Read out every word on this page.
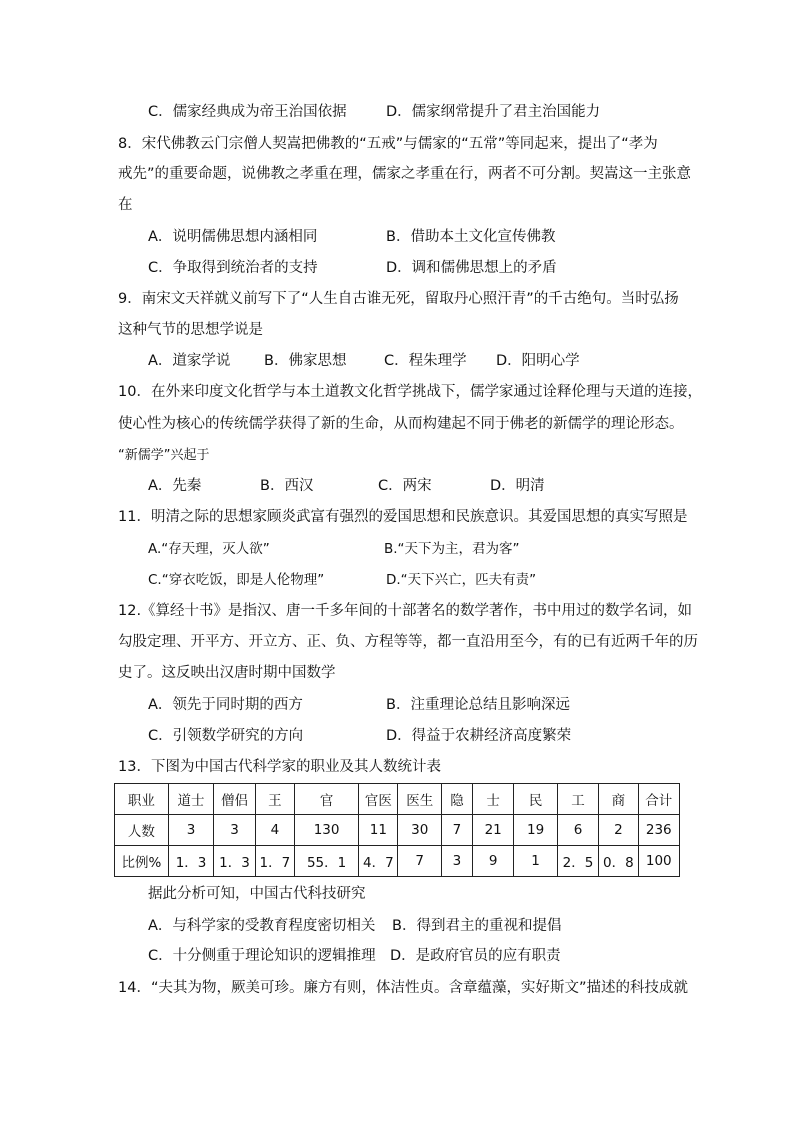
C．儒家经典成为帝王治国依据	D．儒家纲常提升了君主治国能力
8．宋代佛教云门宗僧人契嵩把佛教的“五戒”与儒家的“五常”等同起来，提出了“孝为
戒先”的重要命题，说佛教之孝重在理，儒家之孝重在行，两者不可分割。契嵩这一主张意
在
A．说明儒佛思想内涵相同	B．借助本土文化宣传佛教
C．争取得到统治者的支持	D．调和儒佛思想上的矛盾
9．南宋文天祥就义前写下了“人生自古谁无死，留取丹心照汗青”的千古绝句。当时弘扬
这种气节的思想学说是
A．道家学说 B．佛家思想	C．程朱理学 D．阳明心学
10．在外来印度文化哲学与本土道教文化哲学挑战下，儒学家通过诠释伦理与天道的连接，
使心性为核心的传统儒学获得了新的生命，从而构建起不同于佛老的新儒学的理论形态。
“新儒学”兴起于
A．先秦	B．西汉	C．两宋	D．明清
11．明清之际的思想家顾炎武富有强烈的爱国思想和民族意识。其爱国思想的真实写照是
A.“存天理，灭人欲”	B.“天下为主，君为客”
C.“穿衣吃饭，即是人伦物理”	D.“天下兴亡，匹夫有责”
12.《算经十书》是指汉、唐一千多年间的十部著名的数学著作，书中用过的数学名词，如
勾股定理、开平方、开立方、正、负、方程等等，都一直沿用至今，有的已有近两千年的历
史了。这反映出汉唐时期中国数学
A．领先于同时期的西方	B．注重理论总结且影响深远
C．引领数学研究的方向	D．得益于农耕经济高度繁荣
13．下图为中国古代科学家的职业及其人数统计表
职业	道士	僧侣	王	官	官医	医生	隐	士	民	工	商	合计
人数	3	3	4	130	11	30	7	21	19	6	2	236
比例%	1．3	1．3	1．7	55．1	4．7	7	3	9	1	2．5	0．8	100
据此分析可知，中国古代科技研究
A．与科学家的受教育程度密切相关 B．得到君主的重视和提倡
C．十分侧重于理论知识的逻辑推理 D．是政府官员的应有职责
14．“夫其为物，厥美可珍。廉方有则，体洁性贞。含章蕴藻，实好斯文”描述的科技成就
